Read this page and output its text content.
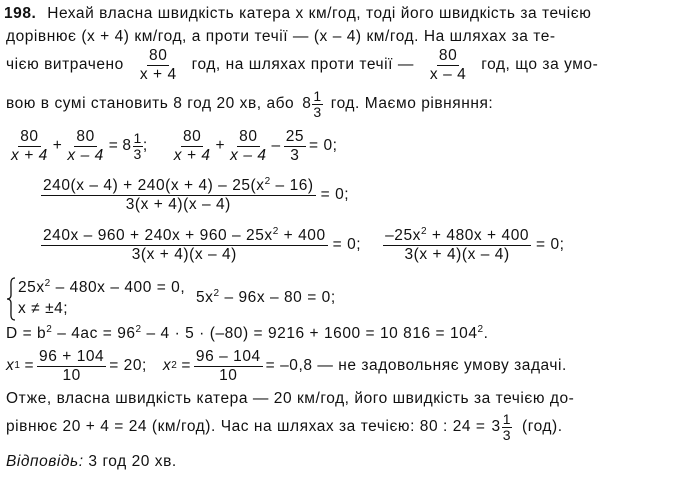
198. Нехай власна швидкість катера x км/год, тоді його швидкість за течією
дорівнює (x + 4) км/год, а проти течії — (x – 4) км/год. На шляхах за те-
чією витрачено $\frac{80}{x + 4}$ год, на шляхах проти течії — $\frac{80}{x - 4}$ год, що за умо-
вою в сумі становить 8 год 20 хв, або $8 \frac{1}{3}$ год. Маємо рівняння:
$\frac{80}{x + 4} + \frac{80}{x - 4} = 8 \frac{1}{3}$ ; $\frac{80}{x + 4} + \frac{80}{x - 4} - \frac{25}{3} = 0$;
$\frac{240(x - 4) + 240(x + 4) - 25(x^2 - 16)}{3(x + 4)(x - 4)} = 0$;
$\frac{240x - 960 + 240x + 960 - 25x^2 + 400}{3(x + 4)(x - 4)} = 0$; $\frac{-25x^2 + 480x + 400}{3(x + 4)(x - 4)} = 0$;
$25x^2 - 480x - 400 = 0$,
x ≠ ±4;
$5x^2 - 96x - 80 = 0$;
$D = b^2 - 4ac = 96^2 - 4 \cdot 5 \cdot (-80) = 9216 + 1600 = 10$ $816 = 104^2$.
x $1 = \frac{96 + 104}{10} = 20$; x $2 = \frac{96 - 104}{10} = -0,8$ — не задовольняє умову задачі.
Отже, власна швидкість катера — 20 км/год, його швидкість за течією до-
рівнює 20 + 4 = 24 (км/год). Час на шляхах за течією: 80 : $24 = 3 \frac{1}{3} (год)$.
Відповідь: 3 год 20 хв.
